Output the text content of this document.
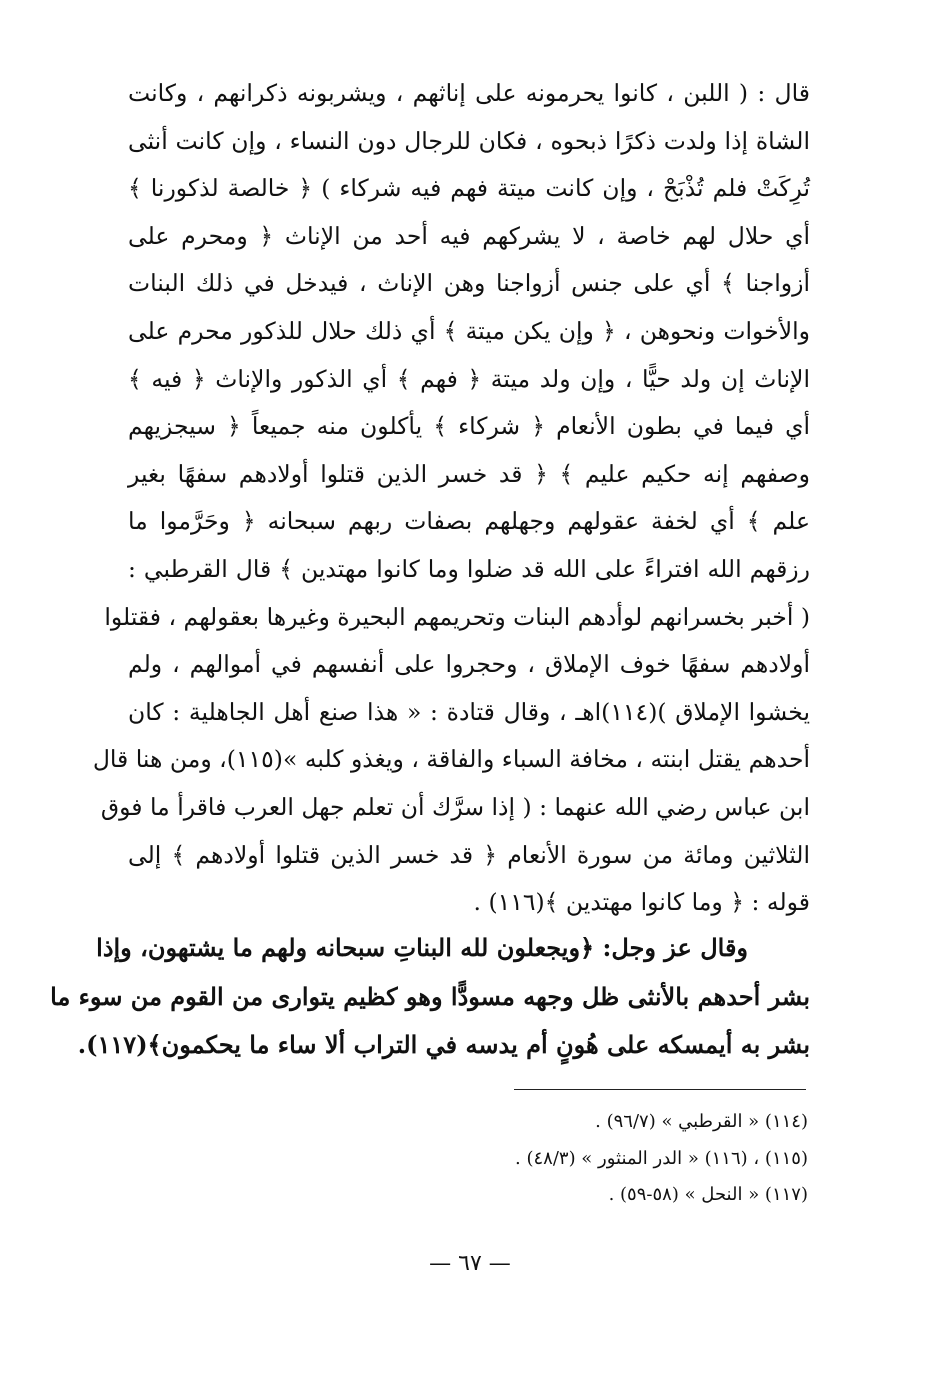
قال : ( اللبن ، كانوا يحرمونه على إناثهم ، ويشربونه ذكرانهم ، وكانت
الشاة إذا ولدت ذكرًا ذبحوه ، فكان للرجال دون النساء ، وإن كانت أنثى
تُرِكَتْ فلم تُذْبَحْ ، وإن كانت ميتة فهم فيه شركاء ) ﴿ خالصة لذكورنا ﴾
أي حلال لهم خاصة ، لا يشركهم فيه أحد من الإناث ﴿ ومحرم على
أزواجنا ﴾ أي على جنس أزواجنا وهن الإناث ، فيدخل في ذلك البنات
والأخوات ونحوهن ، ﴿ وإن يكن ميتة ﴾ أي ذلك حلال للذكور محرم على
الإناث إن ولد حيًّا ، وإن ولد ميتة ﴿ فهم ﴾ أي الذكور والإناث ﴿ فيه ﴾
أي فيما في بطون الأنعام ﴿ شركاء ﴾ يأكلون منه جميعاً ﴿ سيجزيهم
وصفهم إنه حكيم عليم ﴾ ﴿ قد خسر الذين قتلوا أولادهم سفهًا بغير
علم ﴾ أي لخفة عقولهم وجهلهم بصفات ربهم سبحانه ﴿ وحَرَّموا ما
رزقهم الله افتراءً على الله قد ضلوا وما كانوا مهتدين ﴾ قال القرطبي :
( أخبر بخسرانهم لوأدهم البنات وتحريمهم البحيرة وغيرها بعقولهم ، فقتلوا
أولادهم سفهًا خوف الإملاق ، وحجروا على أنفسهم في أموالهم ، ولم
يخشوا الإملاق )(١١٤)اهـ ، وقال قتادة : « هذا صنع أهل الجاهلية : كان
أحدهم يقتل ابنته ، مخافة السباء والفاقة ، ويغذو كلبه »(١١٥)، ومن هنا قال
ابن عباس رضي الله عنهما : ( إذا سرَّك أن تعلم جهل العرب فاقرأ ما فوق
الثلاثين ومائة من سورة الأنعام ﴿ قد خسر الذين قتلوا أولادهم ﴾ إلى
قوله : ﴿ وما كانوا مهتدين ﴾(١١٦) .
وقال عز وجل: ﴿ويجعلون لله البناتِ سبحانه ولهم ما يشتهون، وإذا
بشر أحدهم بالأنثى ظل وجهه مسودًّا وهو كظيم يتوارى من القوم من سوء ما
بشر به أيمسكه على هُونٍ أم يدسه في التراب ألا ساء ما يحكمون﴾(١١٧).
(١١٤) « القرطبي » (٩٦/٧) .
(١١٥) ، (١١٦) « الدر المنثور » (٤٨/٣) .
(١١٧) « النحل » (٥٨-٥٩) .
— ٦٧ —
